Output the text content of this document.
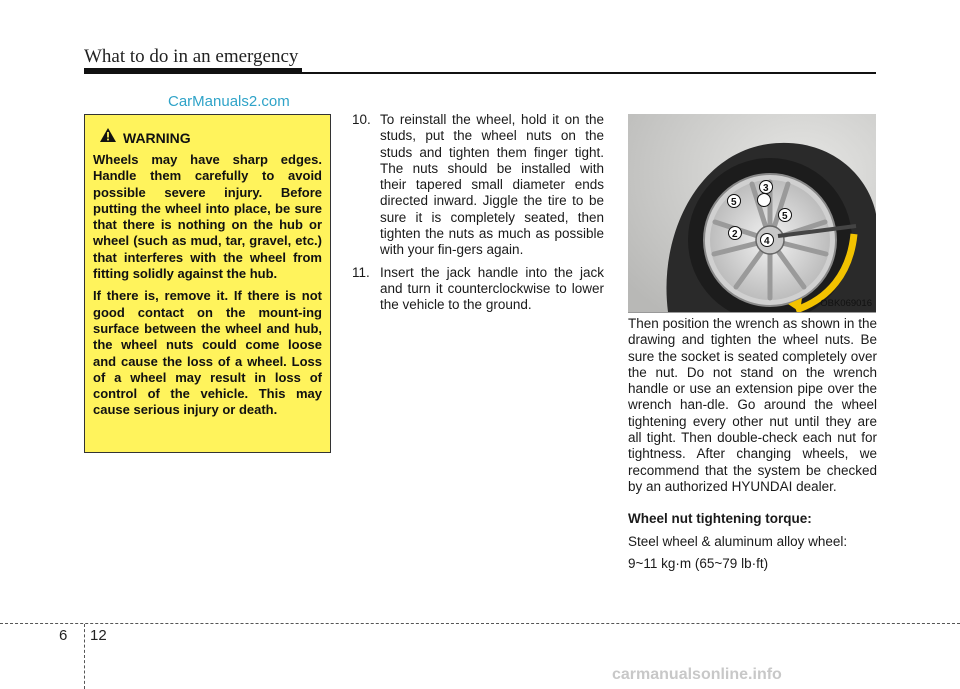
What to do in an emergency
CarManuals2.com
WARNING

Wheels may have sharp edges. Handle them carefully to avoid possible severe injury. Before putting the wheel into place, be sure that there is nothing on the hub or wheel (such as mud, tar, gravel, etc.) that interferes with the wheel from fitting solidly against the hub.

If there is, remove it. If there is not good contact on the mount-ing surface between the wheel and hub, the wheel nuts could come loose and cause the loss of a wheel. Loss of a wheel may result in loss of control of the vehicle. This may cause serious injury or death.

10. To reinstall the wheel, hold it on the studs, put the wheel nuts on the studs and tighten them finger tight. The nuts should be installed with their tapered small diameter ends directed inward. Jiggle the tire to be sure it is completely seated, then tighten the nuts as much as possible with your fin-gers again.
11. Insert the jack handle into the jack and turn it counterclockwise to lower the vehicle to the ground.
5
5
3
2
4
OBK069016

Then position the wrench as shown in the drawing and tighten the wheel nuts. Be sure the socket is seated completely over the nut. Do not stand on the wrench handle or use an extension pipe over the wrench han-dle. Go around the wheel tightening every other nut until they are all tight. Then double-check each nut for tightness. After changing wheels, we recommend that the system be checked by an authorized HYUNDAI dealer.

Wheel nut tightening torque:

Steel wheel & aluminum alloy wheel:

9~11 kg·m (65~79 lb·ft)

6 12
carmanualsonline.info
